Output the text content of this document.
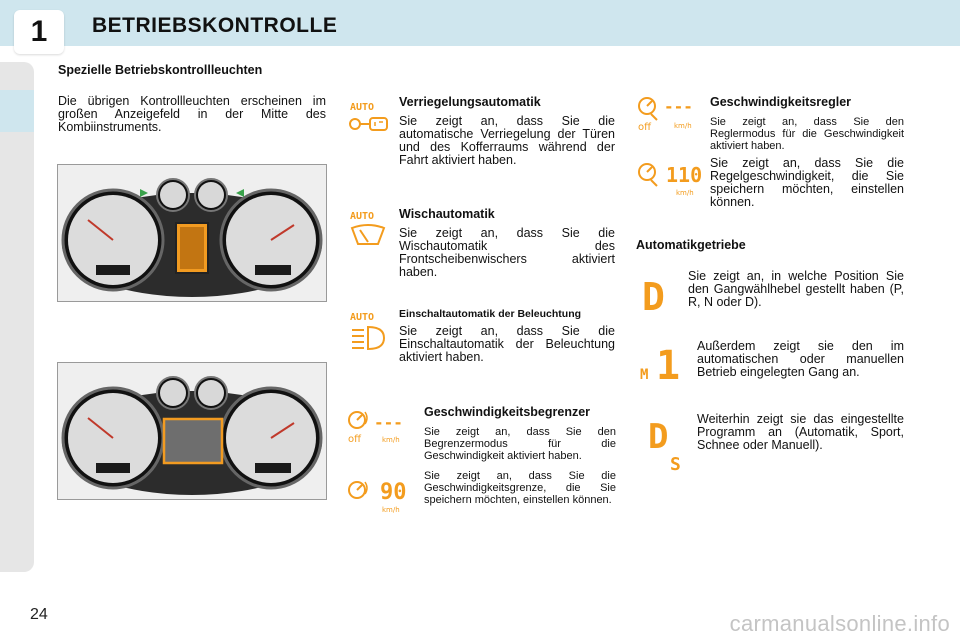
1	BETRIEBSKONTROLLE
Spezielle Betriebskontrollleuchten
Die übrigen Kontrollleuchten erscheinen im großen Anzeigefeld in der Mitte des Kombiinstruments.
AUTO Verriegelungsautomatik
Sie zeigt an, dass Sie die automatische Verriegelung der Türen und des Kofferraums während der Fahrt aktiviert haben.
AUTO Wischautomatik
Sie zeigt an, dass Sie die Wischautomatik des Frontscheibenwischers aktiviert haben.
AUTO Einschaltautomatik der Beleuchtung
Sie zeigt an, dass Sie die Einschaltautomatik der Beleuchtung aktiviert haben.
off
---
km/h
Geschwindigkeitsbegrenzer
Sie zeigt an, dass Sie den Begrenzermodus für die Geschwindigkeit aktiviert haben.
90
km/h
Sie zeigt an, dass Sie die Geschwindigkeitsgrenze, die Sie speichern möchten, einstellen können.
off
---
km/h
Geschwindigkeitsregler
Sie zeigt an, dass Sie den Reglermodus für die Geschwindigkeit aktiviert haben.
110
km/h
Sie zeigt an, dass Sie die Regelgeschwindigkeit, die Sie speichern möchten, einstellen können.
Automatikgetriebe
D Sie zeigt an, in welche Position Sie den Gangwählhebel gestellt haben (P, R, N oder D).
M 1 Außerdem zeigt sie den im automatischen oder manuellen Betrieb eingelegten Gang an.
D
S
Weiterhin zeigt sie das eingestellte Programm an (Automatik, Sport, Schnee oder Manuell).
24	carmanualsonline.info
